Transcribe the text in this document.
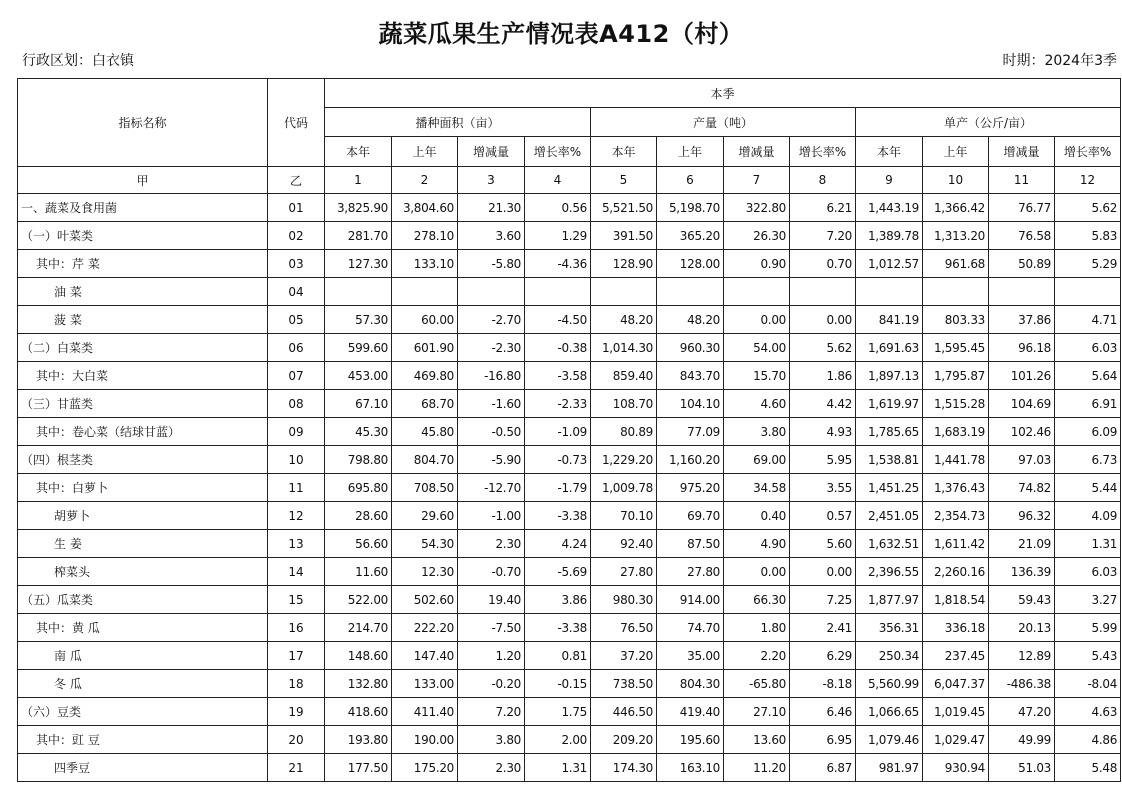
蔬菜瓜果生产情况表A412（村）
行政区划：白衣镇	时期：2024年3季
指标名称	代码	本季											
		播种面积（亩）				产量（吨）				单产（公斤/亩）			
		本年	上年	增减量	增长率%	本年	上年	增减量	增长率%	本年	上年	增减量	增长率%
甲	乙	1	2	3	4	5	6	7	8	9	10	11	12
一、蔬菜及食用菌	01	3,825.90	3,804.60	21.30	0.56	5,521.50	5,198.70	322.80	6.21	1,443.19	1,366.42	76.77	5.62
（一）叶菜类	02	281.70	278.10	3.60	1.29	391.50	365.20	26.30	7.20	1,389.78	1,313.20	76.58	5.83
其中：芹 菜	03	127.30	133.10	-5.80	-4.36	128.90	128.00	0.90	0.70	1,012.57	961.68	50.89	5.29
油 菜	04												
菠 菜	05	57.30	60.00	-2.70	-4.50	48.20	48.20	0.00	0.00	841.19	803.33	37.86	4.71
（二）白菜类	06	599.60	601.90	-2.30	-0.38	1,014.30	960.30	54.00	5.62	1,691.63	1,595.45	96.18	6.03
其中：大白菜	07	453.00	469.80	-16.80	-3.58	859.40	843.70	15.70	1.86	1,897.13	1,795.87	101.26	5.64
（三）甘蓝类	08	67.10	68.70	-1.60	-2.33	108.70	104.10	4.60	4.42	1,619.97	1,515.28	104.69	6.91
其中：卷心菜（结球甘蓝）	09	45.30	45.80	-0.50	-1.09	80.89	77.09	3.80	4.93	1,785.65	1,683.19	102.46	6.09
（四）根茎类	10	798.80	804.70	-5.90	-0.73	1,229.20	1,160.20	69.00	5.95	1,538.81	1,441.78	97.03	6.73
其中：白萝卜	11	695.80	708.50	-12.70	-1.79	1,009.78	975.20	34.58	3.55	1,451.25	1,376.43	74.82	5.44
胡萝卜	12	28.60	29.60	-1.00	-3.38	70.10	69.70	0.40	0.57	2,451.05	2,354.73	96.32	4.09
生 姜	13	56.60	54.30	2.30	4.24	92.40	87.50	4.90	5.60	1,632.51	1,611.42	21.09	1.31
榨菜头	14	11.60	12.30	-0.70	-5.69	27.80	27.80	0.00	0.00	2,396.55	2,260.16	136.39	6.03
（五）瓜菜类	15	522.00	502.60	19.40	3.86	980.30	914.00	66.30	7.25	1,877.97	1,818.54	59.43	3.27
其中：黄 瓜	16	214.70	222.20	-7.50	-3.38	76.50	74.70	1.80	2.41	356.31	336.18	20.13	5.99
南 瓜	17	148.60	147.40	1.20	0.81	37.20	35.00	2.20	6.29	250.34	237.45	12.89	5.43
冬 瓜	18	132.80	133.00	-0.20	-0.15	738.50	804.30	-65.80	-8.18	5,560.99	6,047.37	-486.38	-8.04
（六）豆类	19	418.60	411.40	7.20	1.75	446.50	419.40	27.10	6.46	1,066.65	1,019.45	47.20	4.63
其中：豇 豆	20	193.80	190.00	3.80	2.00	209.20	195.60	13.60	6.95	1,079.46	1,029.47	49.99	4.86
四季豆	21	177.50	175.20	2.30	1.31	174.30	163.10	11.20	6.87	981.97	930.94	51.03	5.48
